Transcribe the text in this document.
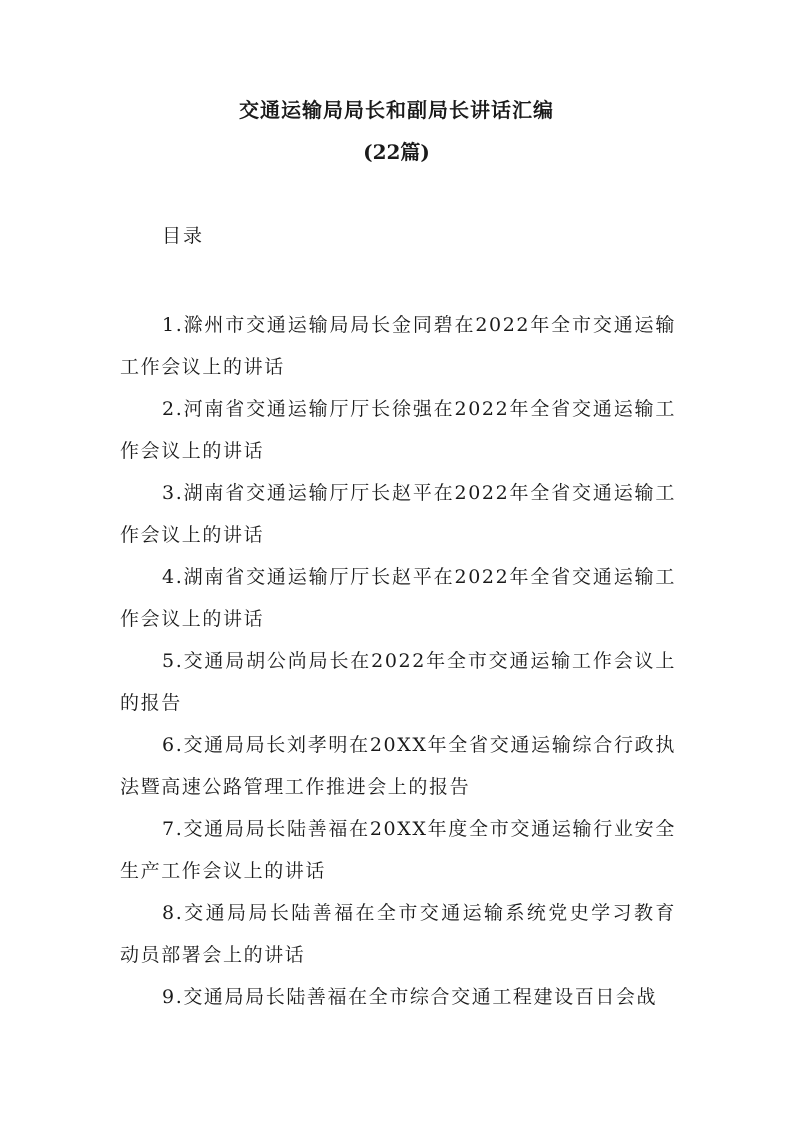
交通运输局局长和副局长讲话汇编
(22篇)
目录
1.滁州市交通运输局局长金同碧在2022年全市交通运输工作会议上的讲话
2.河南省交通运输厅厅长徐强在2022年全省交通运输工作会议上的讲话
3.湖南省交通运输厅厅长赵平在2022年全省交通运输工作会议上的讲话
4.湖南省交通运输厅厅长赵平在2022年全省交通运输工作会议上的讲话
5.交通局胡公尚局长在2022年全市交通运输工作会议上的报告
6.交通局局长刘孝明在20XX年全省交通运输综合行政执法暨高速公路管理工作推进会上的报告
7.交通局局长陆善福在20XX年度全市交通运输行业安全生产工作会议上的讲话
8.交通局局长陆善福在全市交通运输系统党史学习教育动员部署会上的讲话
9.交通局局长陆善福在全市综合交通工程建设百日会战
